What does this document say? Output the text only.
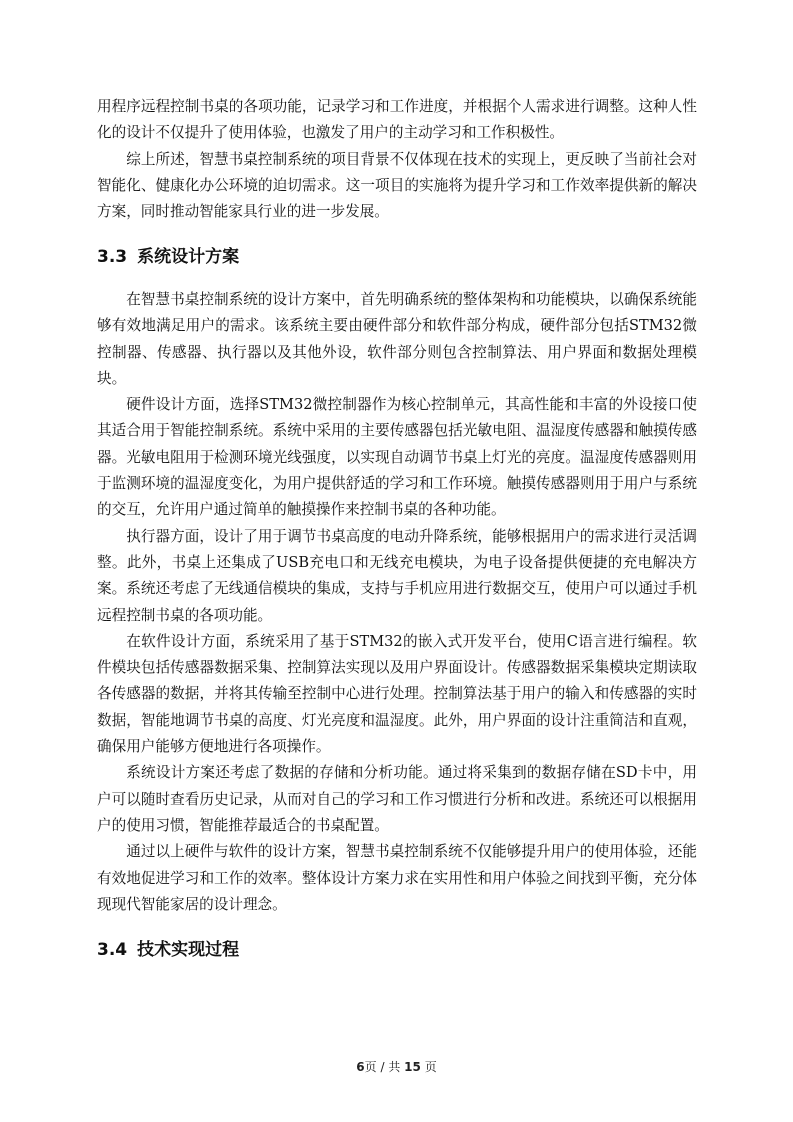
用程序远程控制书桌的各项功能，记录学习和工作进度，并根据个人需求进行调整。这种人性化的设计不仅提升了使用体验，也激发了用户的主动学习和工作积极性。

综上所述，智慧书桌控制系统的项目背景不仅体现在技术的实现上，更反映了当前社会对智能化、健康化办公环境的迫切需求。这一项目的实施将为提升学习和工作效率提供新的解决方案，同时推动智能家具行业的进一步发展。

3.3 系统设计方案

在智慧书桌控制系统的设计方案中，首先明确系统的整体架构和功能模块，以确保系统能够有效地满足用户的需求。该系统主要由硬件部分和软件部分构成，硬件部分包括STM32微控制器、传感器、执行器以及其他外设，软件部分则包含控制算法、用户界面和数据处理模块。

硬件设计方面，选择STM32微控制器作为核心控制单元，其高性能和丰富的外设接口使其适合用于智能控制系统。系统中采用的主要传感器包括光敏电阻、温湿度传感器和触摸传感器。光敏电阻用于检测环境光线强度，以实现自动调节书桌上灯光的亮度。温湿度传感器则用于监测环境的温湿度变化，为用户提供舒适的学习和工作环境。触摸传感器则用于用户与系统的交互，允许用户通过简单的触摸操作来控制书桌的各种功能。

执行器方面，设计了用于调节书桌高度的电动升降系统，能够根据用户的需求进行灵活调整。此外，书桌上还集成了USB充电口和无线充电模块，为电子设备提供便捷的充电解决方案。系统还考虑了无线通信模块的集成，支持与手机应用进行数据交互，使用户可以通过手机远程控制书桌的各项功能。

在软件设计方面，系统采用了基于STM32的嵌入式开发平台，使用C语言进行编程。软件模块包括传感器数据采集、控制算法实现以及用户界面设计。传感器数据采集模块定期读取各传感器的数据，并将其传输至控制中心进行处理。控制算法基于用户的输入和传感器的实时数据，智能地调节书桌的高度、灯光亮度和温湿度。此外，用户界面的设计注重简洁和直观，确保用户能够方便地进行各项操作。

系统设计方案还考虑了数据的存储和分析功能。通过将采集到的数据存储在SD卡中，用户可以随时查看历史记录，从而对自己的学习和工作习惯进行分析和改进。系统还可以根据用户的使用习惯，智能推荐最适合的书桌配置。

通过以上硬件与软件的设计方案，智慧书桌控制系统不仅能够提升用户的使用体验，还能有效地促进学习和工作的效率。整体设计方案力求在实用性和用户体验之间找到平衡，充分体现现代智能家居的设计理念。

3.4 技术实现过程
6页 / 共 15 页
